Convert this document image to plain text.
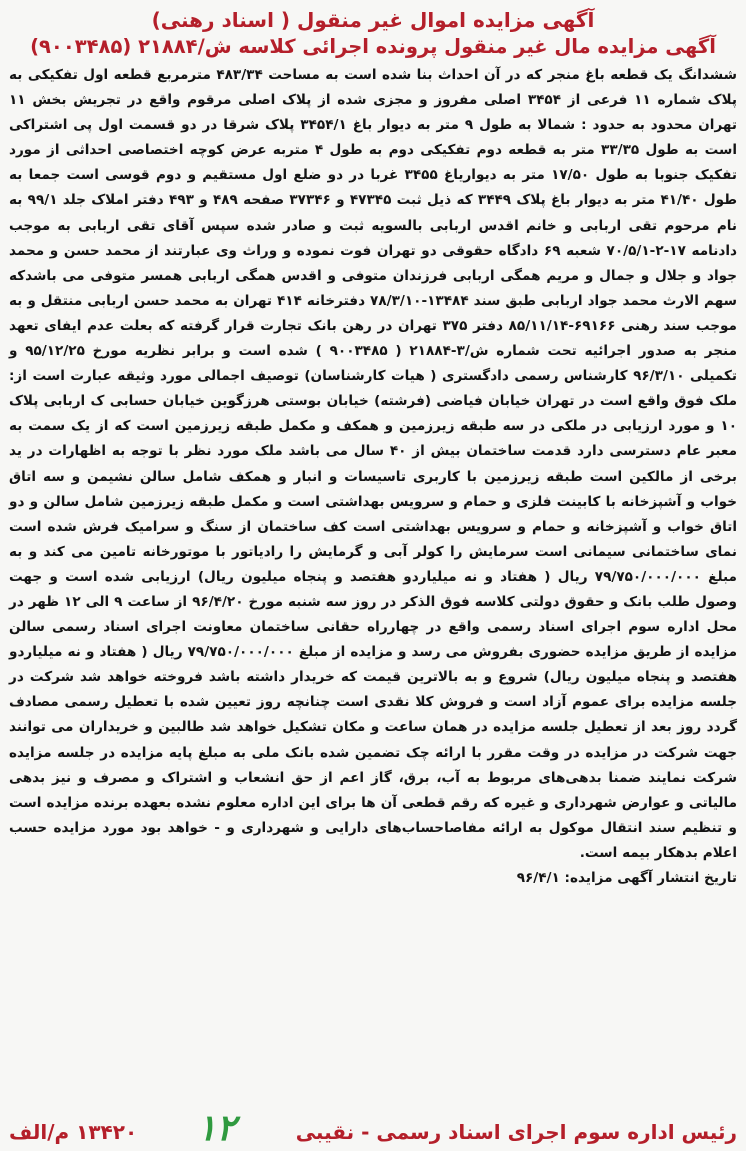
آگهی مزایده اموال غیر منقول ( اسناد رهنی)
آگهی مزایده مال غیر منقول پرونده اجرائی کلاسه ش/۲۱۸۸۴ (۹۰۰۳۴۸۵)

ششدانگ یک قطعه باغ منجر که در آن احداث بنا شده است به مساحت ۴۸۳/۳۴ مترمربع قطعه اول تفکیکی به پلاک شماره ۱۱ فرعی از ۳۴۵۴ اصلی مفروز و مجزی شده از پلاک اصلی مرقوم واقع در تجریش بخش ۱۱ تهران محدود به حدود : شمالا به طول ۹ متر به دیوار باغ ۳۴۵۴/۱ پلاک شرقا در دو قسمت اول پی اشتراکی است به طول ۳۳/۳۵ متر به قطعه دوم تفکیکی دوم به طول ۴ متربه عرض کوچه اختصاصی احداثی از مورد تفکیک جنوبا به طول ۱۷/۵۰ متر به دیواریاغ ۳۴۵۵ غربا در دو ضلع اول مستقیم و دوم قوسی است جمعا به طول ۴۱/۴۰ متر به دیوار باغ پلاک ۳۴۴۹ که ذیل ثبت ۴۷۳۴۵ و ۳۷۳۴۶ صفحه ۴۸۹ و ۴۹۳ دفتر املاک جلد ۹۹/۱ به نام مرحوم تقی اربابی و خانم اقدس اربابی بالسویه ثبت و صادر شده سپس آقای تقی اربابی به موجب دادنامه ۱۷-۲-۷۰/۵/۱ شعبه ۶۹ دادگاه حقوقی دو تهران فوت نموده و وراث وی عبارتند از محمد حسن و محمد جواد و جلال و جمال و مریم همگی اربابی فرزندان متوفی و اقدس همگی اربابی همسر متوفی می باشدکه سهم الارث محمد جواد اربابی طبق سند ۱۳۴۸۴-۷۸/۳/۱۰ دفترخانه ۴۱۴ تهران به محمد حسن اربابی منتقل و به موجب سند رهنی ۶۹۱۶۶-۸۵/۱۱/۱۴ دفتر ۳۷۵ تهران در رهن بانک تجارت قرار گرفته که بعلت عدم ایفای تعهد منجر به صدور اجرائیه تحت شماره ش/۳-۲۱۸۸۴ ( ۹۰۰۳۴۸۵ ) شده است و برابر نظریه مورخ ۹۵/۱۲/۲۵ و تکمیلی ۹۶/۳/۱۰ کارشناس رسمی دادگستری ( هیات کارشناسان) توصیف اجمالی مورد وثیقه عبارت است از: ملک فوق واقع است در تهران خیابان فیاضی (فرشته) خیابان بوستی هرزگوین خیابان حسابی ک اربابی پلاک ۱۰ و مورد ارزیابی در ملکی در سه طبقه زیرزمین و همکف و مکمل طبقه زیرزمین است که از یک سمت به معبر عام دسترسی دارد قدمت ساختمان بیش از ۴۰ سال می باشد ملک مورد نظر با توجه به اظهارات در ید برخی از مالکین است طبقه زیرزمین با کاربری تاسیسات و انبار و همکف شامل سالن نشیمن و سه اتاق خواب و آشپزخانه با کابینت فلزی و حمام و سرویس بهداشتی است و مکمل طبقه زیرزمین شامل سالن و دو اتاق خواب و آشپزخانه و حمام و سرویس بهداشتی است کف ساختمان از سنگ و سرامیک فرش شده است نمای ساختمانی سیمانی است سرمایش را کولر آبی و گرمایش را رادیاتور با موتورخانه تامین می کند و به مبلغ ۷۹/۷۵۰/۰۰۰/۰۰۰ ریال ( هفتاد و نه میلیاردو هفتصد و پنجاه میلیون ریال) ارزیابی شده است و جهت وصول طلب بانک و حقوق دولتی کلاسه فوق الذکر در روز سه شنبه مورخ ۹۶/۴/۲۰ از ساعت ۹ الی ۱۲ ظهر در محل اداره سوم اجرای اسناد رسمی واقع در چهارراه حقانی ساختمان معاونت اجرای اسناد رسمی سالن مزایده از طریق مزایده حضوری بفروش می رسد و مزایده از مبلغ ۷۹/۷۵۰/۰۰۰/۰۰۰ ریال ( هفتاد و نه میلیاردو هفتصد و پنجاه میلیون ریال) شروع و به بالاترین قیمت که خریدار داشته باشد فروخته خواهد شد شرکت در جلسه مزایده برای عموم آزاد است و فروش کلا نقدی است چنانچه روز تعیین شده با تعطیل رسمی مصادف گردد روز بعد از تعطیل جلسه مزایده در همان ساعت و مکان تشکیل خواهد شد طالبین و خریداران می توانند جهت شرکت در مزایده در وقت مقرر با ارائه چک تضمین شده بانک ملی به مبلغ پایه مزایده در جلسه مزایده شرکت نمایند ضمنا بدهی‌های مربوط به آب، برق، گاز اعم از حق انشعاب و اشتراک و مصرف و نیز بدهی مالیاتی و عوارض شهرداری و غیره که رقم قطعی آن ها برای این اداره معلوم نشده بعهده برنده مزایده است و تنظیم سند انتقال موکول به ارائه مفاصاحساب‌های دارایی و شهرداری و - خواهد بود مورد مزایده حسب اعلام بدهکار بیمه است.

تاریخ انتشار آگهی مزایده: ۹۶/۴/۱

رئیس اداره سوم اجرای اسناد رسمی - نقیبی
۱۲
۱۳۴۲۰ م/الف
